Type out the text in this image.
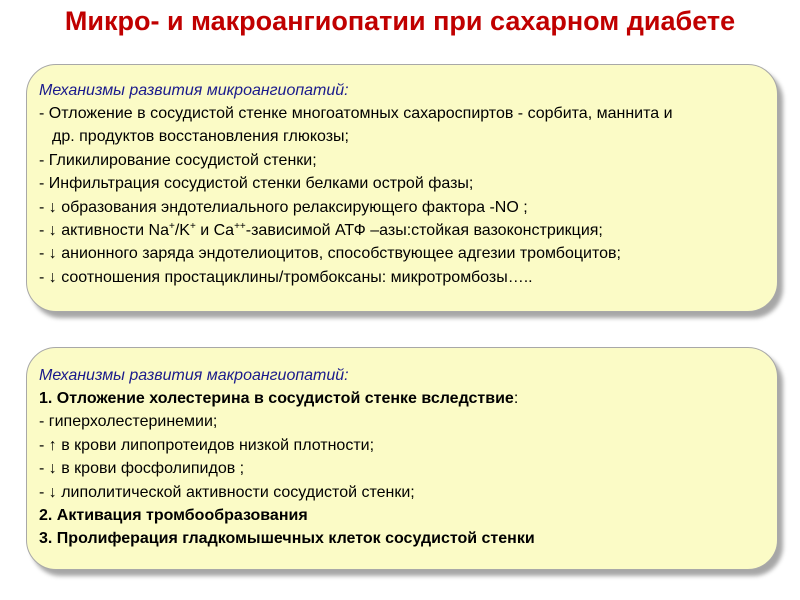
Микро- и макроангиопатии при сахарном диабете
Механизмы развития микроангиопатий:
- Отложение в сосудистой стенке многоатомных сахароспиртов - сорбита, маннита и
др. продуктов восстановления глюкозы;
- Гликилирование сосудистой стенки;
- Инфильтрация сосудистой стенки белками острой фазы;
- ↓ образования эндотелиального релаксирующего фактора -NO ;
- ↓ активности Na+/K+ и Ca++-зависимой АТФ –азы:стойкая вазоконстрикция;
- ↓ анионного заряда эндотелиоцитов, способствующее адгезии тромбоцитов;
- ↓ соотношения простациклины/тромбоксаны: микротромбозы…..
Механизмы развития макроангиопатий:
1. Отложение холестерина в сосудистой стенке вследствие:
- гиперхолестеринемии;
- ↑ в крови липопротеидов низкой плотности;
- ↓ в крови фосфолипидов ;
- ↓ липолитической активности сосудистой стенки;
2. Активация тромбообразования
3. Пролиферация гладкомышечных клеток сосудистой стенки
